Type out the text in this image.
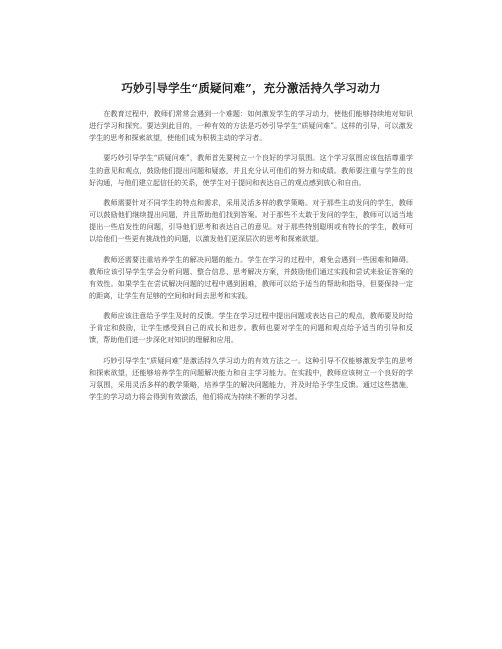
巧妙引导学生“质疑问难”，充分激活持久学习动力

在教育过程中，教师们常常会遇到一个难题：如何激发学生的学习动力，使他们能够持续地对知识进行学习和探究。要达到此目的，一种有效的方法是巧妙引导学生“质疑问难”。这样的引导，可以激发学生的思考和探索欲望，使他们成为积极主动的学习者。

要巧妙引导学生“质疑问难”，教师首先要树立一个良好的学习氛围。这个学习氛围应该包括尊重学生的意见和观点，鼓励他们提出问题和疑惑，并且充分认可他们的努力和成绩。教师要注重与学生的良好沟通，与他们建立起信任的关系，使学生对于提问和表达自己的观点感到放心和自由。

教师需要针对不同学生的特点和需求，采用灵活多样的教学策略。对于那些主动发问的学生，教师可以鼓励他们继续提出问题，并且帮助他们找到答案。对于那些不太敢于发问的学生，教师可以适当地提出一些启发性的问题，引导他们思考和表达自己的意见。对于那些特别聪明或有特长的学生，教师可以给他们一些更有挑战性的问题，以激发他们更深层次的思考和探索欲望。

教师还需要注重培养学生的解决问题的能力。学生在学习的过程中，难免会遇到一些困难和障碍。教师应该引导学生学会分析问题、整合信息、思考解决方案，并鼓励他们通过实践和尝试来验证答案的有效性。如果学生在尝试解决问题的过程中遇到困难，教师可以给予适当的帮助和指导，但要保持一定的距离，让学生有足够的空间和时间去思考和实践。

教师应该注意给予学生及时的反馈。学生在学习过程中提出问题或表达自己的观点，教师要及时给予肯定和鼓励，让学生感受到自己的成长和进步。教师也要对学生的问题和观点给予适当的引导和反馈，帮助他们进一步深化对知识的理解和应用。

巧妙引导学生“质疑问难”是激活持久学习动力的有效方法之一。这种引导不仅能够激发学生的思考和探索欲望，还能够培养学生的问题解决能力和自主学习能力。在实践中，教师应该树立一个良好的学习氛围，采用灵活多样的教学策略，培养学生的解决问题能力，并及时给予学生反馈。通过这些措施，学生的学习动力将会得到有效激活，他们将成为持续不断的学习者。
